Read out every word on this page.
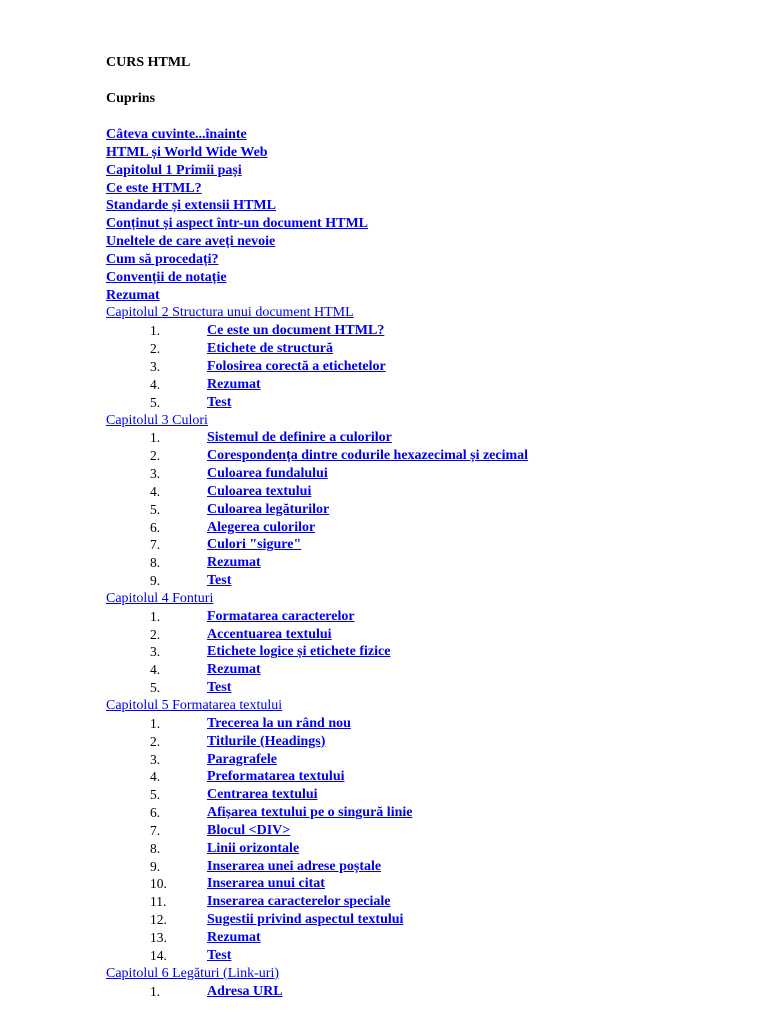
CURS HTML
Cuprins
Câteva cuvinte...înainte
HTML și World Wide Web
Capitolul 1 Primii pași
Ce este HTML?
Standarde și extensii HTML
Conținut și aspect într-un document HTML
Uneltele de care aveți nevoie
Cum să procedați?
Convenții de notație
Rezumat
Capitolul 2 Structura unui document HTML
1.	Ce este un document HTML?
2.	Etichete de structură
3.	Folosirea corectă a etichetelor
4.	Rezumat
5.	Test
Capitolul 3 Culori
1.	Sistemul de definire a culorilor
2.	Corespondența dintre codurile hexazecimal și zecimal
3.	Culoarea fundalului
4.	Culoarea textului
5.	Culoarea legăturilor
6.	Alegerea culorilor
7.	Culori "sigure"
8.	Rezumat
9.	Test
Capitolul 4 Fonturi
1.	Formatarea caracterelor
2.	Accentuarea textului
3.	Etichete logice și etichete fizice
4.	Rezumat
5.	Test
Capitolul 5 Formatarea textului
1.	Trecerea la un rând nou
2.	Titlurile (Headings)
3.	Paragrafele
4.	Preformatarea textului
5.	Centrarea textului
6.	Afișarea textului pe o singură linie
7.	Blocul <DIV>
8.	Linii orizontale
9.	Inserarea unei adrese poștale
10.	Inserarea unui citat
11.	Inserarea caracterelor speciale
12.	Sugestii privind aspectul textului
13.	Rezumat
14.	Test
Capitolul 6 Legături (Link-uri)
1.	Adresa URL
